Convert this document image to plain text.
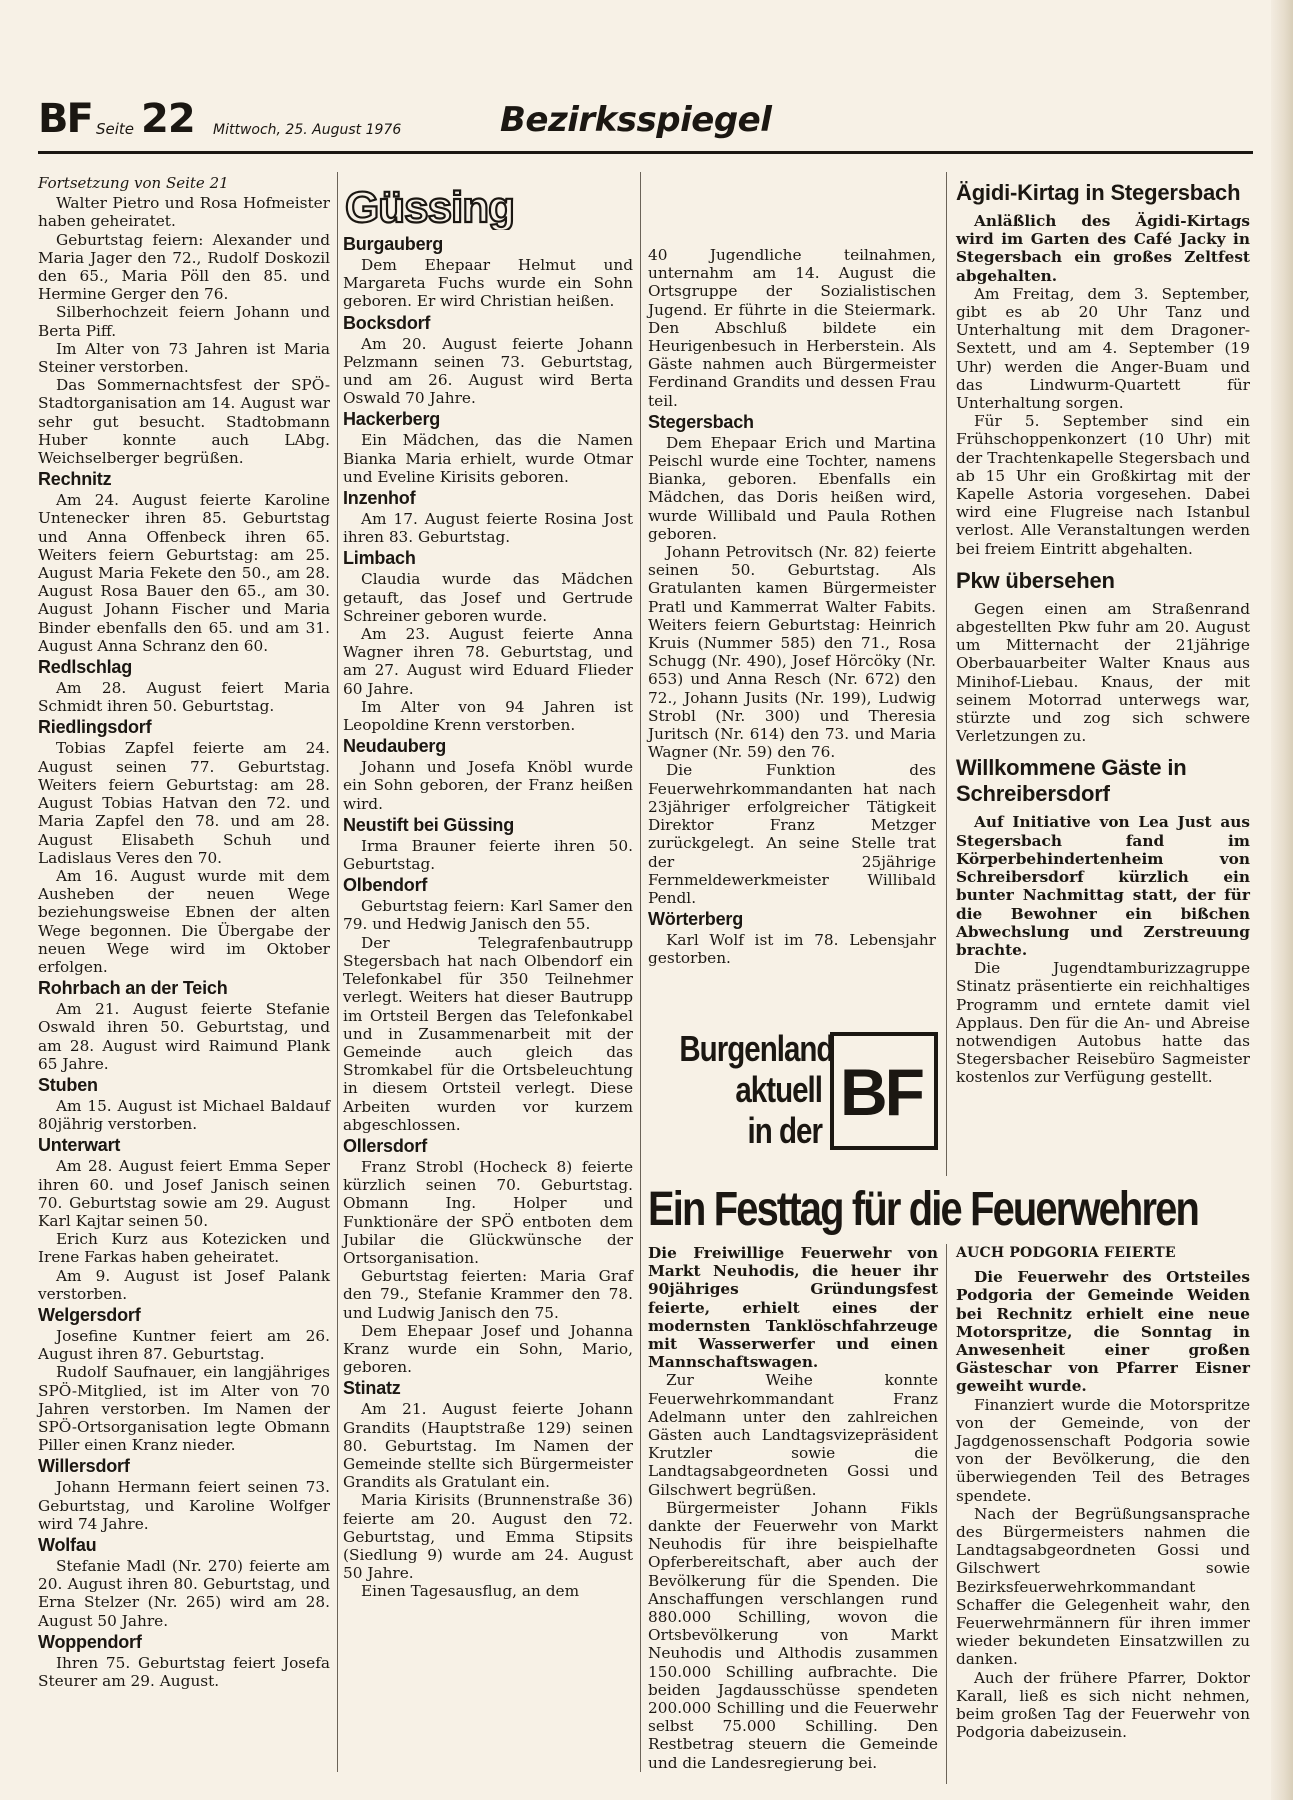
BF Seite 22 Mittwoch, 25. August 1976	Bezirksspiegel
Fortsetzung von Seite 21

Walter Pietro und Rosa Hofmeister haben geheiratet.

Geburtstag feiern: Alexander und Maria Jager den 72., Rudolf Doskozil den 65., Maria Pöll den 85. und Hermine Gerger den 76.

Silberhochzeit feiern Johann und Berta Piff.

Im Alter von 73 Jahren ist Maria Steiner verstorben.

Das Sommernachtsfest der SPÖ-Stadtorganisation am 14. August war sehr gut besucht. Stadtobmann Huber konnte auch LAbg. Weichselberger begrüßen.

Rechnitz

Am 24. August feierte Karoline Untenecker ihren 85. Geburtstag und Anna Offenbeck ihren 65. Weiters feiern Geburtstag: am 25. August Maria Fekete den 50., am 28. August Rosa Bauer den 65., am 30. August Johann Fischer und Maria Binder ebenfalls den 65. und am 31. August Anna Schranz den 60.

Redlschlag

Am 28. August feiert Maria Schmidt ihren 50. Geburtstag.

Riedlingsdorf

Tobias Zapfel feierte am 24. August seinen 77. Geburtstag. Weiters feiern Geburtstag: am 28. August Tobias Hatvan den 72. und Maria Zapfel den 78. und am 28. August Elisabeth Schuh und Ladislaus Veres den 70.

Am 16. August wurde mit dem Ausheben der neuen Wege beziehungsweise Ebnen der alten Wege begonnen. Die Übergabe der neuen Wege wird im Oktober erfolgen.

Rohrbach an der Teich

Am 21. August feierte Stefanie Oswald ihren 50. Geburtstag, und am 28. August wird Raimund Plank 65 Jahre.

Stuben

Am 15. August ist Michael Baldauf 80jährig verstorben.

Unterwart

Am 28. August feiert Emma Seper ihren 60. und Josef Janisch seinen 70. Geburtstag sowie am 29. August Karl Kajtar seinen 50.

Erich Kurz aus Kotezicken und Irene Farkas haben geheiratet.

Am 9. August ist Josef Palank verstorben.

Welgersdorf

Josefine Kuntner feiert am 26. August ihren 87. Geburtstag.

Rudolf Saufnauer, ein langjähriges SPÖ-Mitglied, ist im Alter von 70 Jahren verstorben. Im Namen der SPÖ-Ortsorganisation legte Obmann Piller einen Kranz nieder.

Willersdorf

Johann Hermann feiert seinen 73. Geburtstag, und Karoline Wolfger wird 74 Jahre.

Wolfau

Stefanie Madl (Nr. 270) feierte am 20. August ihren 80. Geburtstag, und Erna Stelzer (Nr. 265) wird am 28. August 50 Jahre.

Woppendorf

Ihren 75. Geburtstag feiert Josefa Steurer am 29. August.

Güssing
Burgauberg

Dem Ehepaar Helmut und Margareta Fuchs wurde ein Sohn geboren. Er wird Christian heißen.

Bocksdorf

Am 20. August feierte Johann Pelzmann seinen 73. Geburtstag, und am 26. August wird Berta Oswald 70 Jahre.

Hackerberg

Ein Mädchen, das die Namen Bianka Maria erhielt, wurde Otmar und Eveline Kirisits geboren.

Inzenhof

Am 17. August feierte Rosina Jost ihren 83. Geburtstag.

Limbach

Claudia wurde das Mädchen getauft, das Josef und Gertrude Schreiner geboren wurde.

Am 23. August feierte Anna Wagner ihren 78. Geburtstag, und am 27. August wird Eduard Flieder 60 Jahre.

Im Alter von 94 Jahren ist Leopoldine Krenn verstorben.

Neudauberg

Johann und Josefa Knöbl wurde ein Sohn geboren, der Franz heißen wird.

Neustift bei Güssing

Irma Brauner feierte ihren 50. Geburtstag.

Olbendorf

Geburtstag feiern: Karl Samer den 79. und Hedwig Janisch den 55.

Der Telegrafenbautrupp Stegersbach hat nach Olbendorf ein Telefonkabel für 350 Teilnehmer verlegt. Weiters hat dieser Bautrupp im Ortsteil Bergen das Telefonkabel und in Zusammenarbeit mit der Gemeinde auch gleich das Stromkabel für die Ortsbeleuchtung in diesem Ortsteil verlegt. Diese Arbeiten wurden vor kurzem abgeschlossen.

Ollersdorf

Franz Strobl (Hocheck 8) feierte kürzlich seinen 70. Geburtstag. Obmann Ing. Holper und Funktionäre der SPÖ entboten dem Jubilar die Glückwünsche der Ortsorganisation.

Geburtstag feierten: Maria Graf den 79., Stefanie Krammer den 78. und Ludwig Janisch den 75.

Dem Ehepaar Josef und Johanna Kranz wurde ein Sohn, Mario, geboren.

Stinatz

Am 21. August feierte Johann Grandits (Hauptstraße 129) seinen 80. Geburtstag. Im Namen der Gemeinde stellte sich Bürgermeister Grandits als Gratulant ein.

Maria Kirisits (Brunnenstraße 36) feierte am 20. August den 72. Geburtstag, und Emma Stipsits (Siedlung 9) wurde am 24. August 50 Jahre.

Einen Tagesausflug, an dem

40 Jugendliche teilnahmen, unternahm am 14. August die Ortsgruppe der Sozialistischen Jugend. Er führte in die Steiermark. Den Abschluß bildete ein Heurigenbesuch in Herberstein. Als Gäste nahmen auch Bürgermeister Ferdinand Grandits und dessen Frau teil.

Stegersbach

Dem Ehepaar Erich und Martina Peischl wurde eine Tochter, namens Bianka, geboren. Ebenfalls ein Mädchen, das Doris heißen wird, wurde Willibald und Paula Rothen geboren.

Johann Petrovitsch (Nr. 82) feierte seinen 50. Geburtstag. Als Gratulanten kamen Bürgermeister Pratl und Kammerrat Walter Fabits. Weiters feiern Geburtstag: Heinrich Kruis (Nummer 585) den 71., Rosa Schugg (Nr. 490), Josef Hörcöky (Nr. 653) und Anna Resch (Nr. 672) den 72., Johann Jusits (Nr. 199), Ludwig Strobl (Nr. 300) und Theresia Juritsch (Nr. 614) den 73. und Maria Wagner (Nr. 59) den 76.

Die Funktion des Feuerwehrkommandanten hat nach 23jähriger erfolgreicher Tätigkeit Direktor Franz Metzger zurückgelegt. An seine Stelle trat der 25jährige Fernmeldewerkmeister Willibald Pendl.

Wörterberg

Karl Wolf ist im 78. Lebensjahr gestorben.

Burgenland
aktuell
in der
BF
Ägidi-Kirtag in Stegersbach

Anläßlich des Ägidi-Kirtags wird im Garten des Café Jacky in Stegersbach ein großes Zeltfest abgehalten.

Am Freitag, dem 3. September, gibt es ab 20 Uhr Tanz und Unterhaltung mit dem Dragoner-Sextett, und am 4. September (19 Uhr) werden die Anger-Buam und das Lindwurm-Quartett für Unterhaltung sorgen.

Für 5. September sind ein Frühschoppenkonzert (10 Uhr) mit der Trachtenkapelle Stegersbach und ab 15 Uhr ein Großkirtag mit der Kapelle Astoria vorgesehen. Dabei wird eine Flugreise nach Istanbul verlost. Alle Veranstaltungen werden bei freiem Eintritt abgehalten.

Pkw übersehen

Gegen einen am Straßenrand abgestellten Pkw fuhr am 20. August um Mitternacht der 21jährige Oberbauarbeiter Walter Knaus aus Minihof-Liebau. Knaus, der mit seinem Motorrad unterwegs war, stürzte und zog sich schwere Verletzungen zu.

Willkommene Gäste in Schreibersdorf

Auf Initiative von Lea Just aus Stegersbach fand im Körperbehindertenheim von Schreibersdorf kürzlich ein bunter Nachmittag statt, der für die Bewohner ein bißchen Abwechslung und Zerstreuung brachte.

Die Jugendtamburizzagruppe Stinatz präsentierte ein reichhaltiges Programm und erntete damit viel Applaus. Den für die An- und Abreise notwendigen Autobus hatte das Stegersbacher Reisebüro Sagmeister kostenlos zur Verfügung gestellt.

Ein Festtag für die Feuerwehren

Die Freiwillige Feuerwehr von Markt Neuhodis, die heuer ihr 90jähriges Gründungsfest feierte, erhielt eines der modernsten Tanklöschfahrzeuge mit Wasserwerfer und einen Mannschaftswagen.

Zur Weihe konnte Feuerwehrkommandant Franz Adelmann unter den zahlreichen Gästen auch Landtagsvizepräsident Krutzler sowie die Landtagsabgeordneten Gossi und Gilschwert begrüßen.

Bürgermeister Johann Fikls dankte der Feuerwehr von Markt Neuhodis für ihre beispielhafte Opferbereitschaft, aber auch der Bevölkerung für die Spenden. Die Anschaffungen verschlangen rund 880.000 Schilling, wovon die Ortsbevölkerung von Markt Neuhodis und Althodis zusammen 150.000 Schilling aufbrachte. Die beiden Jagdausschüsse spendeten 200.000 Schilling und die Feuerwehr selbst 75.000 Schilling. Den Restbetrag steuern die Gemeinde und die Landesregierung bei.

AUCH PODGORIA FEIERTE

Die Feuerwehr des Ortsteiles Podgoria der Gemeinde Weiden bei Rechnitz erhielt eine neue Motorspritze, die Sonntag in Anwesenheit einer großen Gästeschar von Pfarrer Eisner geweiht wurde.

Finanziert wurde die Motorspritze von der Gemeinde, von der Jagdgenossenschaft Podgoria sowie von der Bevölkerung, die den überwiegenden Teil des Betrages spendete.

Nach der Begrüßungsansprache des Bürgermeisters nahmen die Landtagsabgeordneten Gossi und Gilschwert sowie Bezirksfeuerwehrkommandant Schaffer die Gelegenheit wahr, den Feuerwehrmännern für ihren immer wieder bekundeten Einsatzwillen zu danken.

Auch der frühere Pfarrer, Doktor Karall, ließ es sich nicht nehmen, beim großen Tag der Feuerwehr von Podgoria dabeizusein.
